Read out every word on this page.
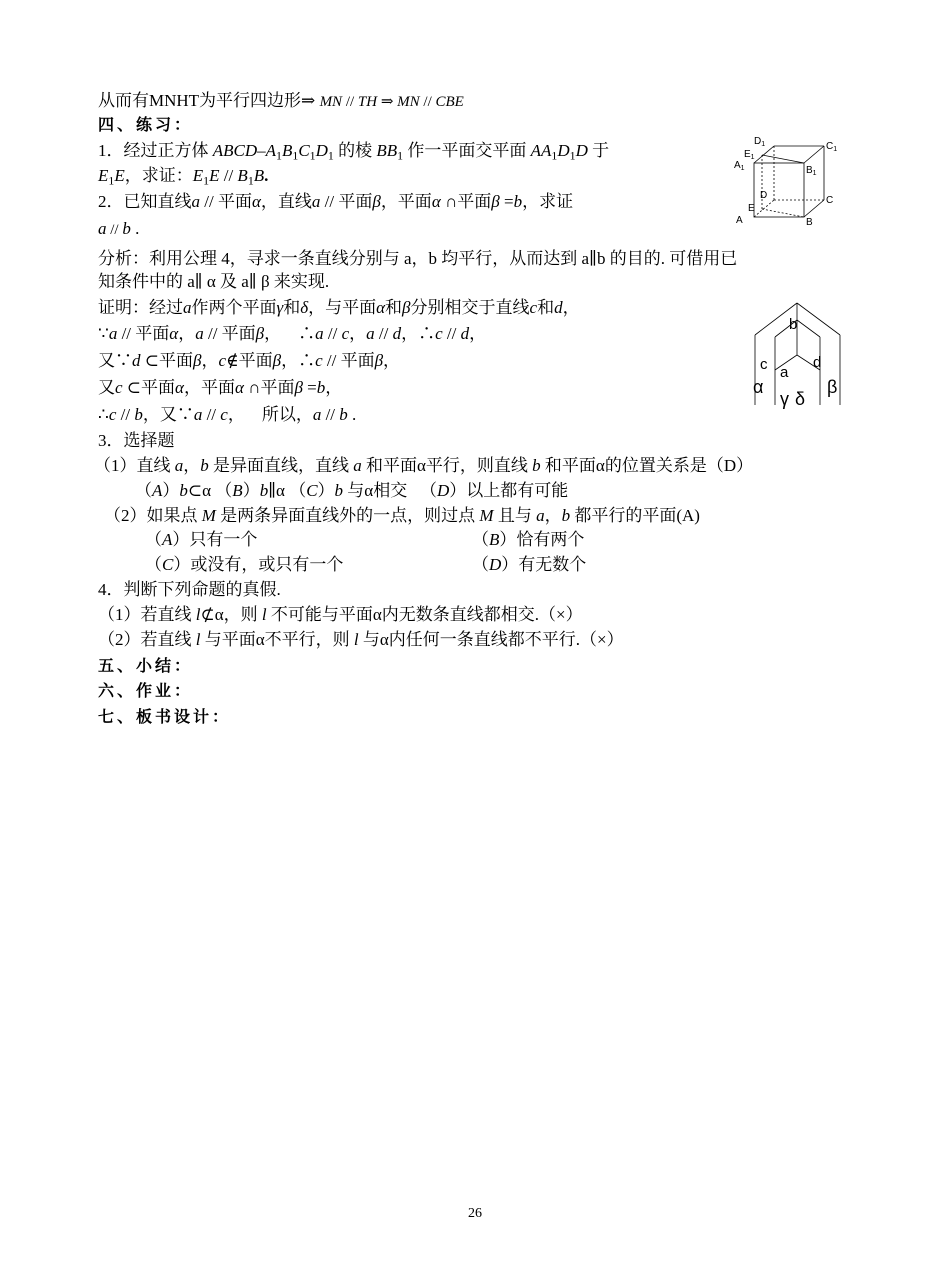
从而有MNHT为平行四边形⇒ MN // TH ⇒ MN // CBE
四、练习：
1．经过正方体 ABCD–$A_1B_1C_1D_1$ 的棱 $BB_1$ 作一平面交平面 $AA_1D_1D$ 于
$E_1E$，求证：$E_1E // B_1B$.
2．已知直线a // 平面α，直线a // 平面β，平面α ∩平面β =b，求证
a // b .
分析：利用公理 4，寻求一条直线分别与 a，b 均平行，从而达到 a∥b 的目的. 可借用已
知条件中的 a∥ α 及 a∥ β 来实现.
证明：经过a作两个平面γ和δ，与平面α和β分别相交于直线c和d，
∵a // 平面α，a // 平面β，    ∴a // c，a // d，∴c // d，
又∵d ⊂平面β，c∉平面β，∴c // 平面β，
又c ⊂平面α，平面α ∩平面β =b，
∴c // b，又∵a // c，    所以，a // b .
3．选择题
（1）直线 a，b 是异面直线，直线 a 和平面α平行，则直线 b 和平面α的位置关系是（D）
（A）b⊂α （B）b∥α （C）b 与α相交   （D）以上都有可能
（2）如果点 M 是两条异面直线外的一点，则过点 M 且与 a，b 都平行的平面(A)
（A）只有一个	（B）恰有两个
（C）或没有，或只有一个	（D）有无数个
4．判断下列命题的真假.
（1）若直线 l⊄α，则 l 不可能与平面α内无数条直线都相交.（×）
（2）若直线 l 与平面α不平行，则 l 与α内任何一条直线都不平行.（×）
五、小结：
六、作业：
七、板书设计：
$D_1$	$C_1$
$E_1$
$A_1$	$B_1$
D	C
E
A	B
b
c a
d
α	β
γ δ
26
